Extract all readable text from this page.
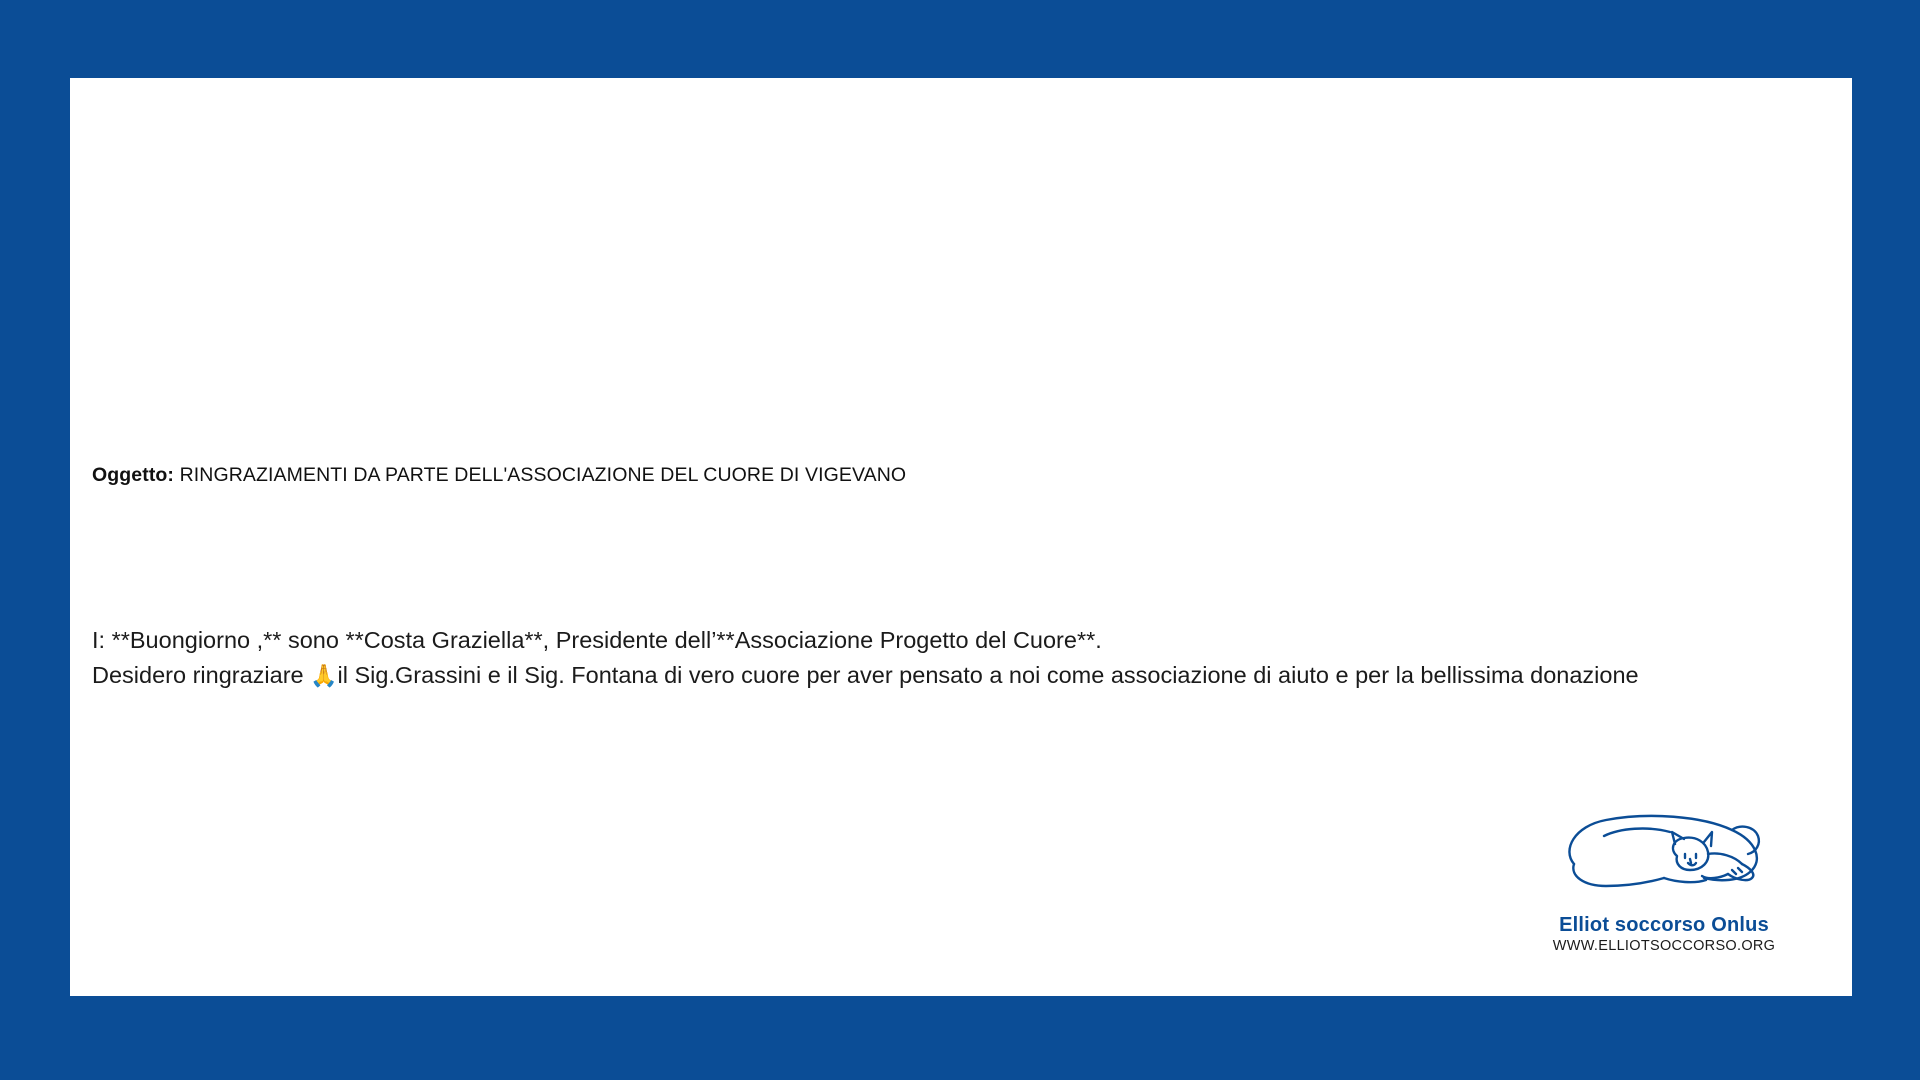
Oggetto: RINGRAZIAMENTI DA PARTE DELL'ASSOCIAZIONE DEL CUORE DI VIGEVANO
I: **Buongiorno ,** sono **Costa Graziella**, Presidente dell’**Associazione Progetto del Cuore**.
Desidero ringraziare 🙏il Sig.Grassini e il Sig. Fontana di vero cuore per aver pensato a noi come associazione di aiuto e per la bellissima donazione
Elliot soccorso Onlus
WWW.ELLIOTSOCCORSO.ORG
